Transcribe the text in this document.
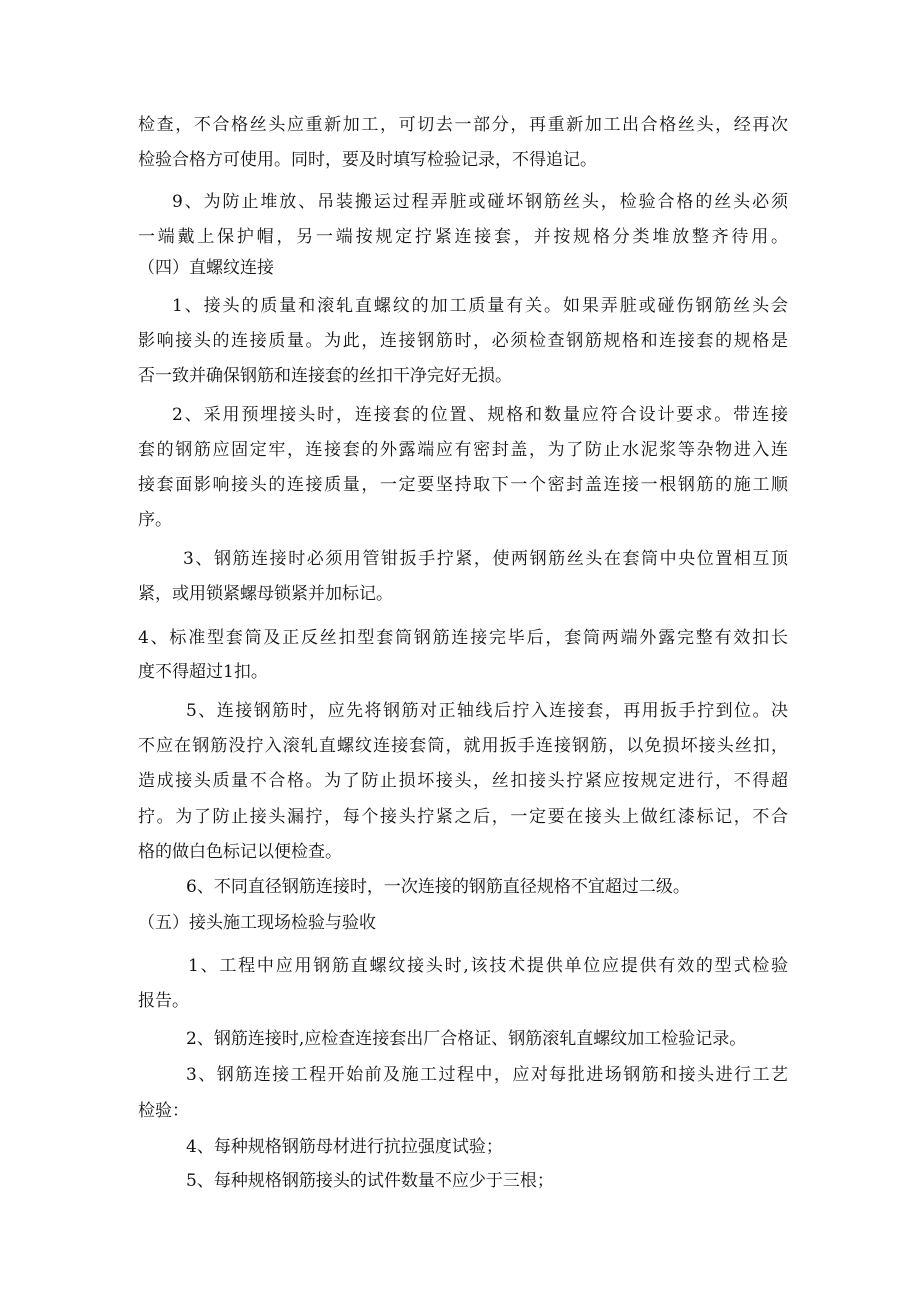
检查，不合格丝头应重新加工，可切去一部分，再重新加工出合格丝头，经再次
检验合格方可使用。同时，要及时填写检验记录，不得追记。
9、为防止堆放、吊装搬运过程弄脏或碰坏钢筋丝头，检验合格的丝头必须
一端戴上保护帽，另一端按规定拧紧连接套，并按规格分类堆放整齐待用。
（四）直螺纹连接
1、接头的质量和滚轧直螺纹的加工质量有关。如果弄脏或碰伤钢筋丝头会
影响接头的连接质量。为此，连接钢筋时，必须检查钢筋规格和连接套的规格是
否一致并确保钢筋和连接套的丝扣干净完好无损。
2、采用预埋接头时，连接套的位置、规格和数量应符合设计要求。带连接
套的钢筋应固定牢，连接套的外露端应有密封盖，为了防止水泥浆等杂物进入连
接套面影响接头的连接质量，一定要坚持取下一个密封盖连接一根钢筋的施工顺
序。
3、钢筋连接时必须用管钳扳手拧紧，使两钢筋丝头在套筒中央位置相互顶
紧，或用锁紧螺母锁紧并加标记。
4、标准型套筒及正反丝扣型套筒钢筋连接完毕后，套筒两端外露完整有效扣长
度不得超过1扣。
5、连接钢筋时，应先将钢筋对正轴线后拧入连接套，再用扳手拧到位。决
不应在钢筋没拧入滚轧直螺纹连接套筒，就用扳手连接钢筋，以免损坏接头丝扣，
造成接头质量不合格。为了防止损坏接头，丝扣接头拧紧应按规定进行，不得超
拧。为了防止接头漏拧，每个接头拧紧之后，一定要在接头上做红漆标记，不合
格的做白色标记以便检查。
6、不同直径钢筋连接时，一次连接的钢筋直径规格不宜超过二级。
（五）接头施工现场检验与验收
1、工程中应用钢筋直螺纹接头时,该技术提供单位应提供有效的型式检验
报告。
2、钢筋连接时,应检查连接套出厂合格证、钢筋滚轧直螺纹加工检验记录。
3、钢筋连接工程开始前及施工过程中，应对每批进场钢筋和接头进行工艺
检验：
4、每种规格钢筋母材进行抗拉强度试验；
5、每种规格钢筋接头的试件数量不应少于三根；
